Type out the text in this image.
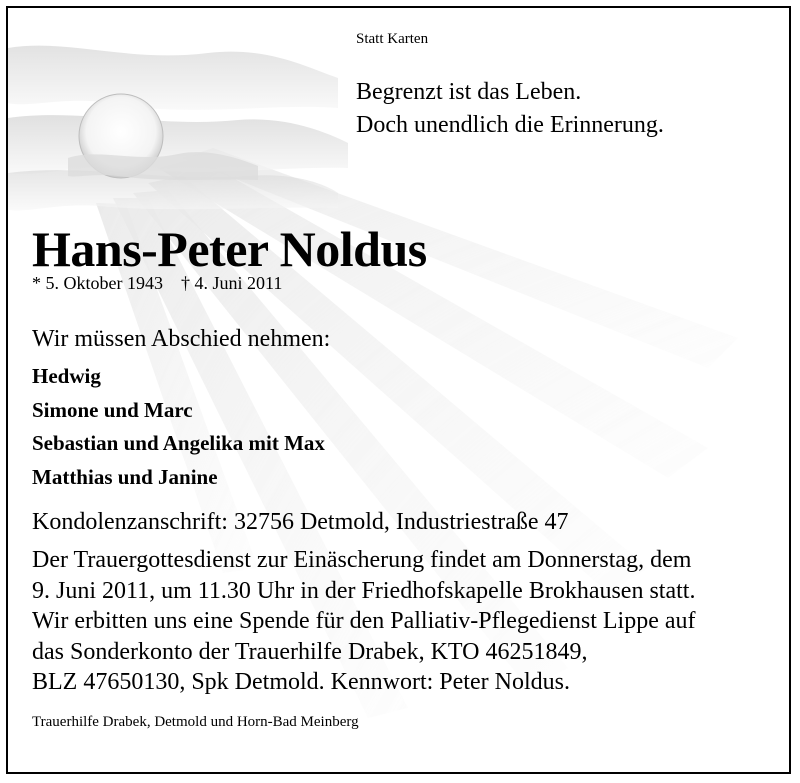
Statt Karten
Begrenzt ist das Leben.
Doch unendlich die Erinnerung.
Hans-Peter Noldus
* 5. Oktober 1943 † 4. Juni 2011
Wir müssen Abschied nehmen:
Hedwig
Simone und Marc
Sebastian und Angelika mit Max
Matthias und Janine
Kondolenzanschrift: 32756 Detmold, Industriestraße 47
Der Trauergottesdienst zur Einäscherung findet am Donnerstag, dem
9. Juni 2011, um 11.30 Uhr in der Friedhofskapelle Brokhausen statt.
Wir erbitten uns eine Spende für den Palliativ-Pflegedienst Lippe auf
das Sonderkonto der Trauerhilfe Drabek, KTO 46251849,
BLZ 47650130, Spk Detmold. Kennwort: Peter Noldus.
Trauerhilfe Drabek, Detmold und Horn-Bad Meinberg
